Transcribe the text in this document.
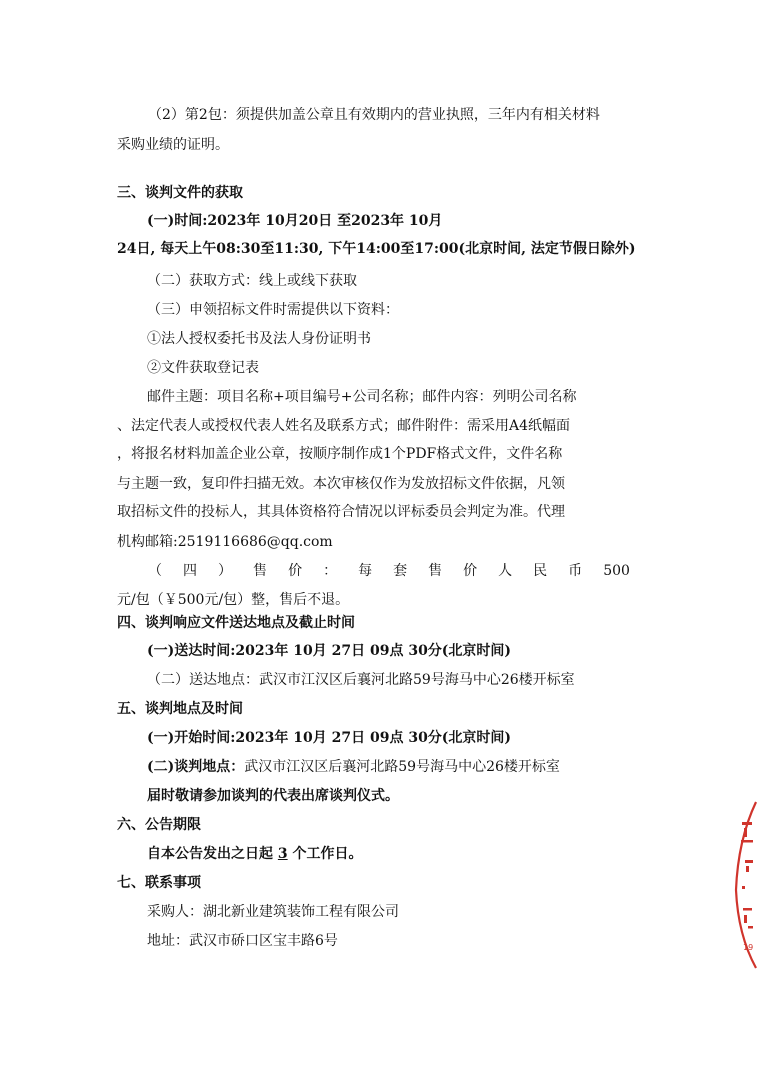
（2）第2包：须提供加盖公章且有效期内的营业执照，三年内有相关材料
采购业绩的证明。
三、谈判文件的获取
(一)时间:2023年 10月20日 至2023年 10月
24日, 每天上午08:30至11:30, 下午14:00至17:00(北京时间, 法定节假日除外)
（二）获取方式：线上或线下获取
（三）申领招标文件时需提供以下资料：
①法人授权委托书及法人身份证明书
②文件获取登记表
邮件主题：项目名称+项目编号+公司名称；邮件内容：列明公司名称
、法定代表人或授权代表人姓名及联系方式；邮件附件：需采用A4纸幅面
，将报名材料加盖企业公章，按顺序制作成1个PDF格式文件，文件名称
与主题一致，复印件扫描无效。本次审核仅作为发放招标文件依据，凡领
取招标文件的投标人，其具体资格符合情况以评标委员会判定为准。代理
机构邮箱:2519116686@qq.com
（ 四 ） 售 价 ： 每 套 售 价 人 民 币 500
元/包（￥500元/包）整，售后不退。
四、谈判响应文件送达地点及截止时间
(一)送达时间:2023年 10月 27日 09点 30分(北京时间)
（二）送达地点：武汉市江汉区后襄河北路59号海马中心26楼开标室
五、谈判地点及时间
(一)开始时间:2023年 10月 27日 09点 30分(北京时间)
(二)谈判地点：武汉市江汉区后襄河北路59号海马中心26楼开标室
届时敬请参加谈判的代表出席谈判仪式。
六、公告期限
自本公告发出之日起 3 个工作日。
七、联系事项
采购人：湖北新业建筑装饰工程有限公司
地址：武汉市硚口区宝丰路6号	19
